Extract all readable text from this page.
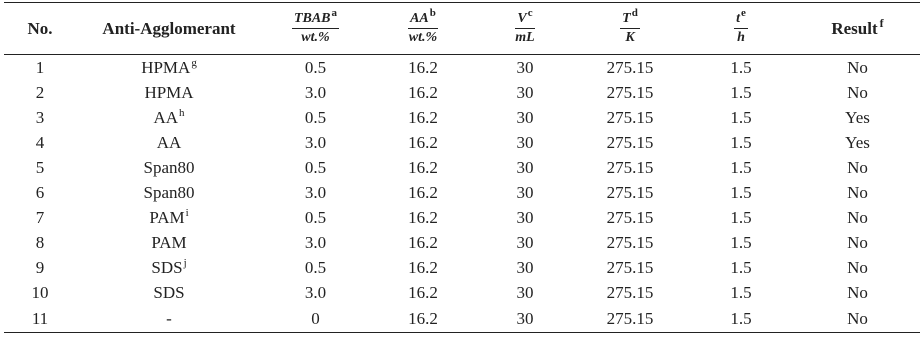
No.	Anti-Agglomerant	$\frac{TBAB^a}{wt.\%}$	$\frac{AA^b}{wt.\%}$	$\frac{V^c}{mL}$	$\frac{T^d}{K}$	$\frac{t^e}{h}$	Result $^f$
1	HPMA$^g$	0.5	16.2	30	275.15	1.5	No
2	HPMA	3.0	16.2	30	275.15	1.5	No
3	$AA^h$	0.5	16.2	30	275.15	1.5	Yes
4	AA	3.0	16.2	30	275.15	1.5	Yes
5	Span80	0.5	16.2	30	275.15	1.5	No
6	Span80	3.0	16.2	30	275.15	1.5	No
7	PAM$^i$	0.5	16.2	30	275.15	1.5	No
8	PAM	3.0	16.2	30	275.15	1.5	No
9	SDS$^j$	0.5	16.2	30	275.15	1.5	No
10	SDS	3.0	16.2	30	275.15	1.5	No
11	-	0	16.2	30	275.15	1.5	No
